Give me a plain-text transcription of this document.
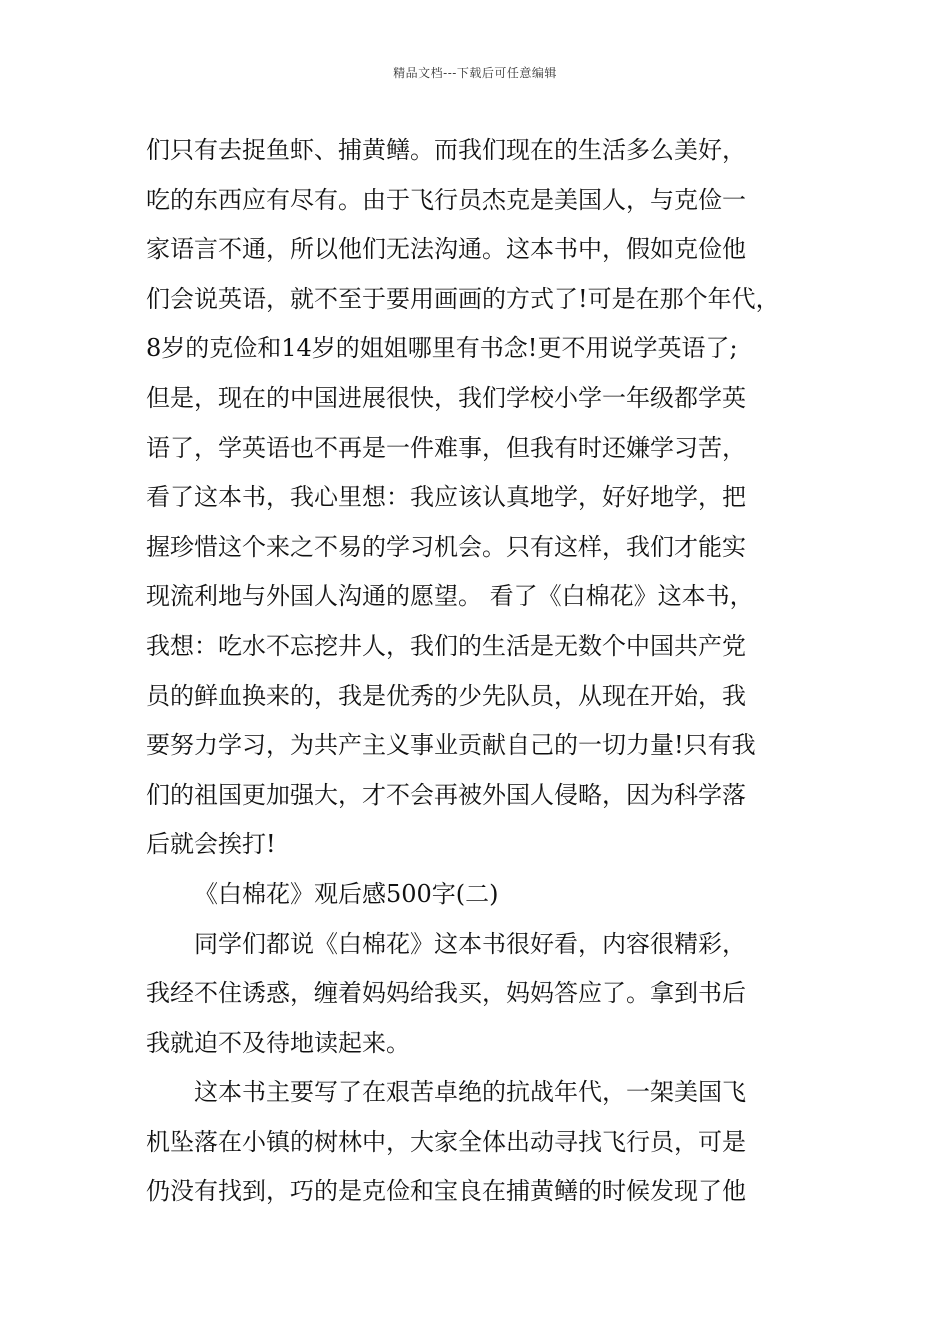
精品文档---下载后可任意编辑
们只有去捉鱼虾、捕黄鳝。而我们现在的生活多么美好，
吃的东西应有尽有。由于飞行员杰克是美国人，与克俭一
家语言不通，所以他们无法沟通。这本书中，假如克俭他
们会说英语，就不至于要用画画的方式了!可是在那个年代，
8岁的克俭和14岁的姐姐哪里有书念!更不用说学英语了;
但是，现在的中国进展很快，我们学校小学一年级都学英
语了，学英语也不再是一件难事，但我有时还嫌学习苦，
看了这本书，我心里想：我应该认真地学，好好地学，把
握珍惜这个来之不易的学习机会。只有这样，我们才能实
现流利地与外国人沟通的愿望。 看了《白棉花》这本书，
我想：吃水不忘挖井人，我们的生活是无数个中国共产党
员的鲜血换来的，我是优秀的少先队员，从现在开始，我
要努力学习，为共产主义事业贡献自己的一切力量!只有我
们的祖国更加强大，才不会再被外国人侵略，因为科学落
后就会挨打!
《白棉花》观后感500字(二)
同学们都说《白棉花》这本书很好看，内容很精彩，
我经不住诱惑，缠着妈妈给我买，妈妈答应了。拿到书后
我就迫不及待地读起来。
这本书主要写了在艰苦卓绝的抗战年代，一架美国飞
机坠落在小镇的树林中，大家全体出动寻找飞行员，可是
仍没有找到，巧的是克俭和宝良在捕黄鳝的时候发现了他
